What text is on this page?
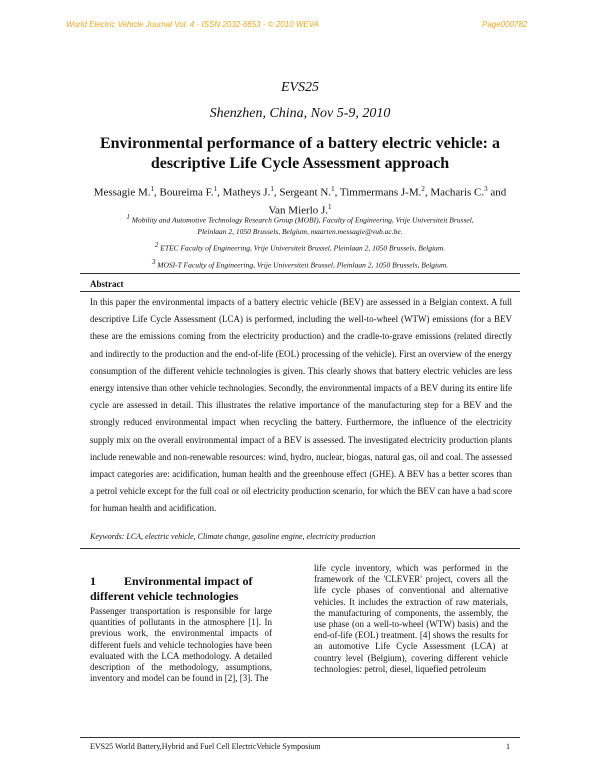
World Electric Vehicle Journal Vol. 4 - ISSN 2032-6653 - © 2010 WEVA	Page000782
EVS25
Shenzhen, China, Nov 5-9, 2010
Environmental performance of a battery electric vehicle: a descriptive Life Cycle Assessment approach
Messagie M.$^1$, Boureima F.$^1$, Matheys J.$^1$, Sergeant N.$^1$, Timmermans J-M.$^2$, Macharis C.$^3$ and
Van Mierlo J.$^1$
$^1$ Mobility and Automotive Technology Research Group (MOBI), Faculty of Engineering, Vrije Universiteit Brussel,
Pleinlaan 2, 1050 Brussels, Belgium, maarten.messagie@vub.ac.be.
$^2$ ETEC Faculty of Engineering, Vrije Universiteit Brussel, Pleinlaan 2, 1050 Brussels, Belgium.
$^3$ MOSI-T Faculty of Engineering, Vrije Universiteit Brussel, Pleinlaan 2, 1050 Brussels, Belgium.
Abstract

In this paper the environmental impacts of a battery electric vehicle (BEV) are assessed in a Belgian context. A full descriptive Life Cycle Assessment (LCA) is performed, including the well-to-wheel (WTW) emissions (for a BEV these are the emissions coming from the electricity production) and the cradle-to-grave emissions (related directly and indirectly to the production and the end-of-life (EOL) processing of the vehicle). First an overview of the energy consumption of the different vehicle technologies is given. This clearly shows that battery electric vehicles are less energy intensive than other vehicle technologies. Secondly, the environmental impacts of a BEV during its entire life cycle are assessed in detail. This illustrates the relative importance of the manufacturing step for a BEV and the strongly reduced environmental impact when recycling the battery. Furthermore, the influence of the electricity supply mix on the overall environmental impact of a BEV is assessed. The investigated electricity production plants include renewable and non-renewable resources: wind, hydro, nuclear, biogas, natural gas, oil and coal. The assessed impact categories are: acidification, human health and the greenhouse effect (GHE). A BEV has a better scores than a petrol vehicle except for the full coal or oil electricity production scenario, for which the BEV can have a bad score for human health and acidification.

Keywords: LCA, electric vehicle, Climate change, gasoline engine, electricity production
1 Environmental impact of different vehicle technologies
Passenger transportation is responsible for large quantities of pollutants in the atmosphere [1]. In previous work, the environmental impacts of different fuels and vehicle technologies have been evaluated with the LCA methodology. A detailed description of the methodology, assumptions, inventory and model can be found in [2], [3]. The
life cycle inventory, which was performed in the framework of the 'CLEVER' project, covers all the life cycle phases of conventional and alternative vehicles. It includes the extraction of raw materials, the manufacturing of components, the assembly, the use phase (on a well-to-wheel (WTW) basis) and the end-of-life (EOL) treatment. [4] shows the results for an automotive Life Cycle Assessment (LCA) at country level (Belgium), covering different vehicle technologies: petrol, diesel, liquefied petroleum
EVS25 World Battery,Hybrid and Fuel Cell ElectricVehicle Symposium	1
